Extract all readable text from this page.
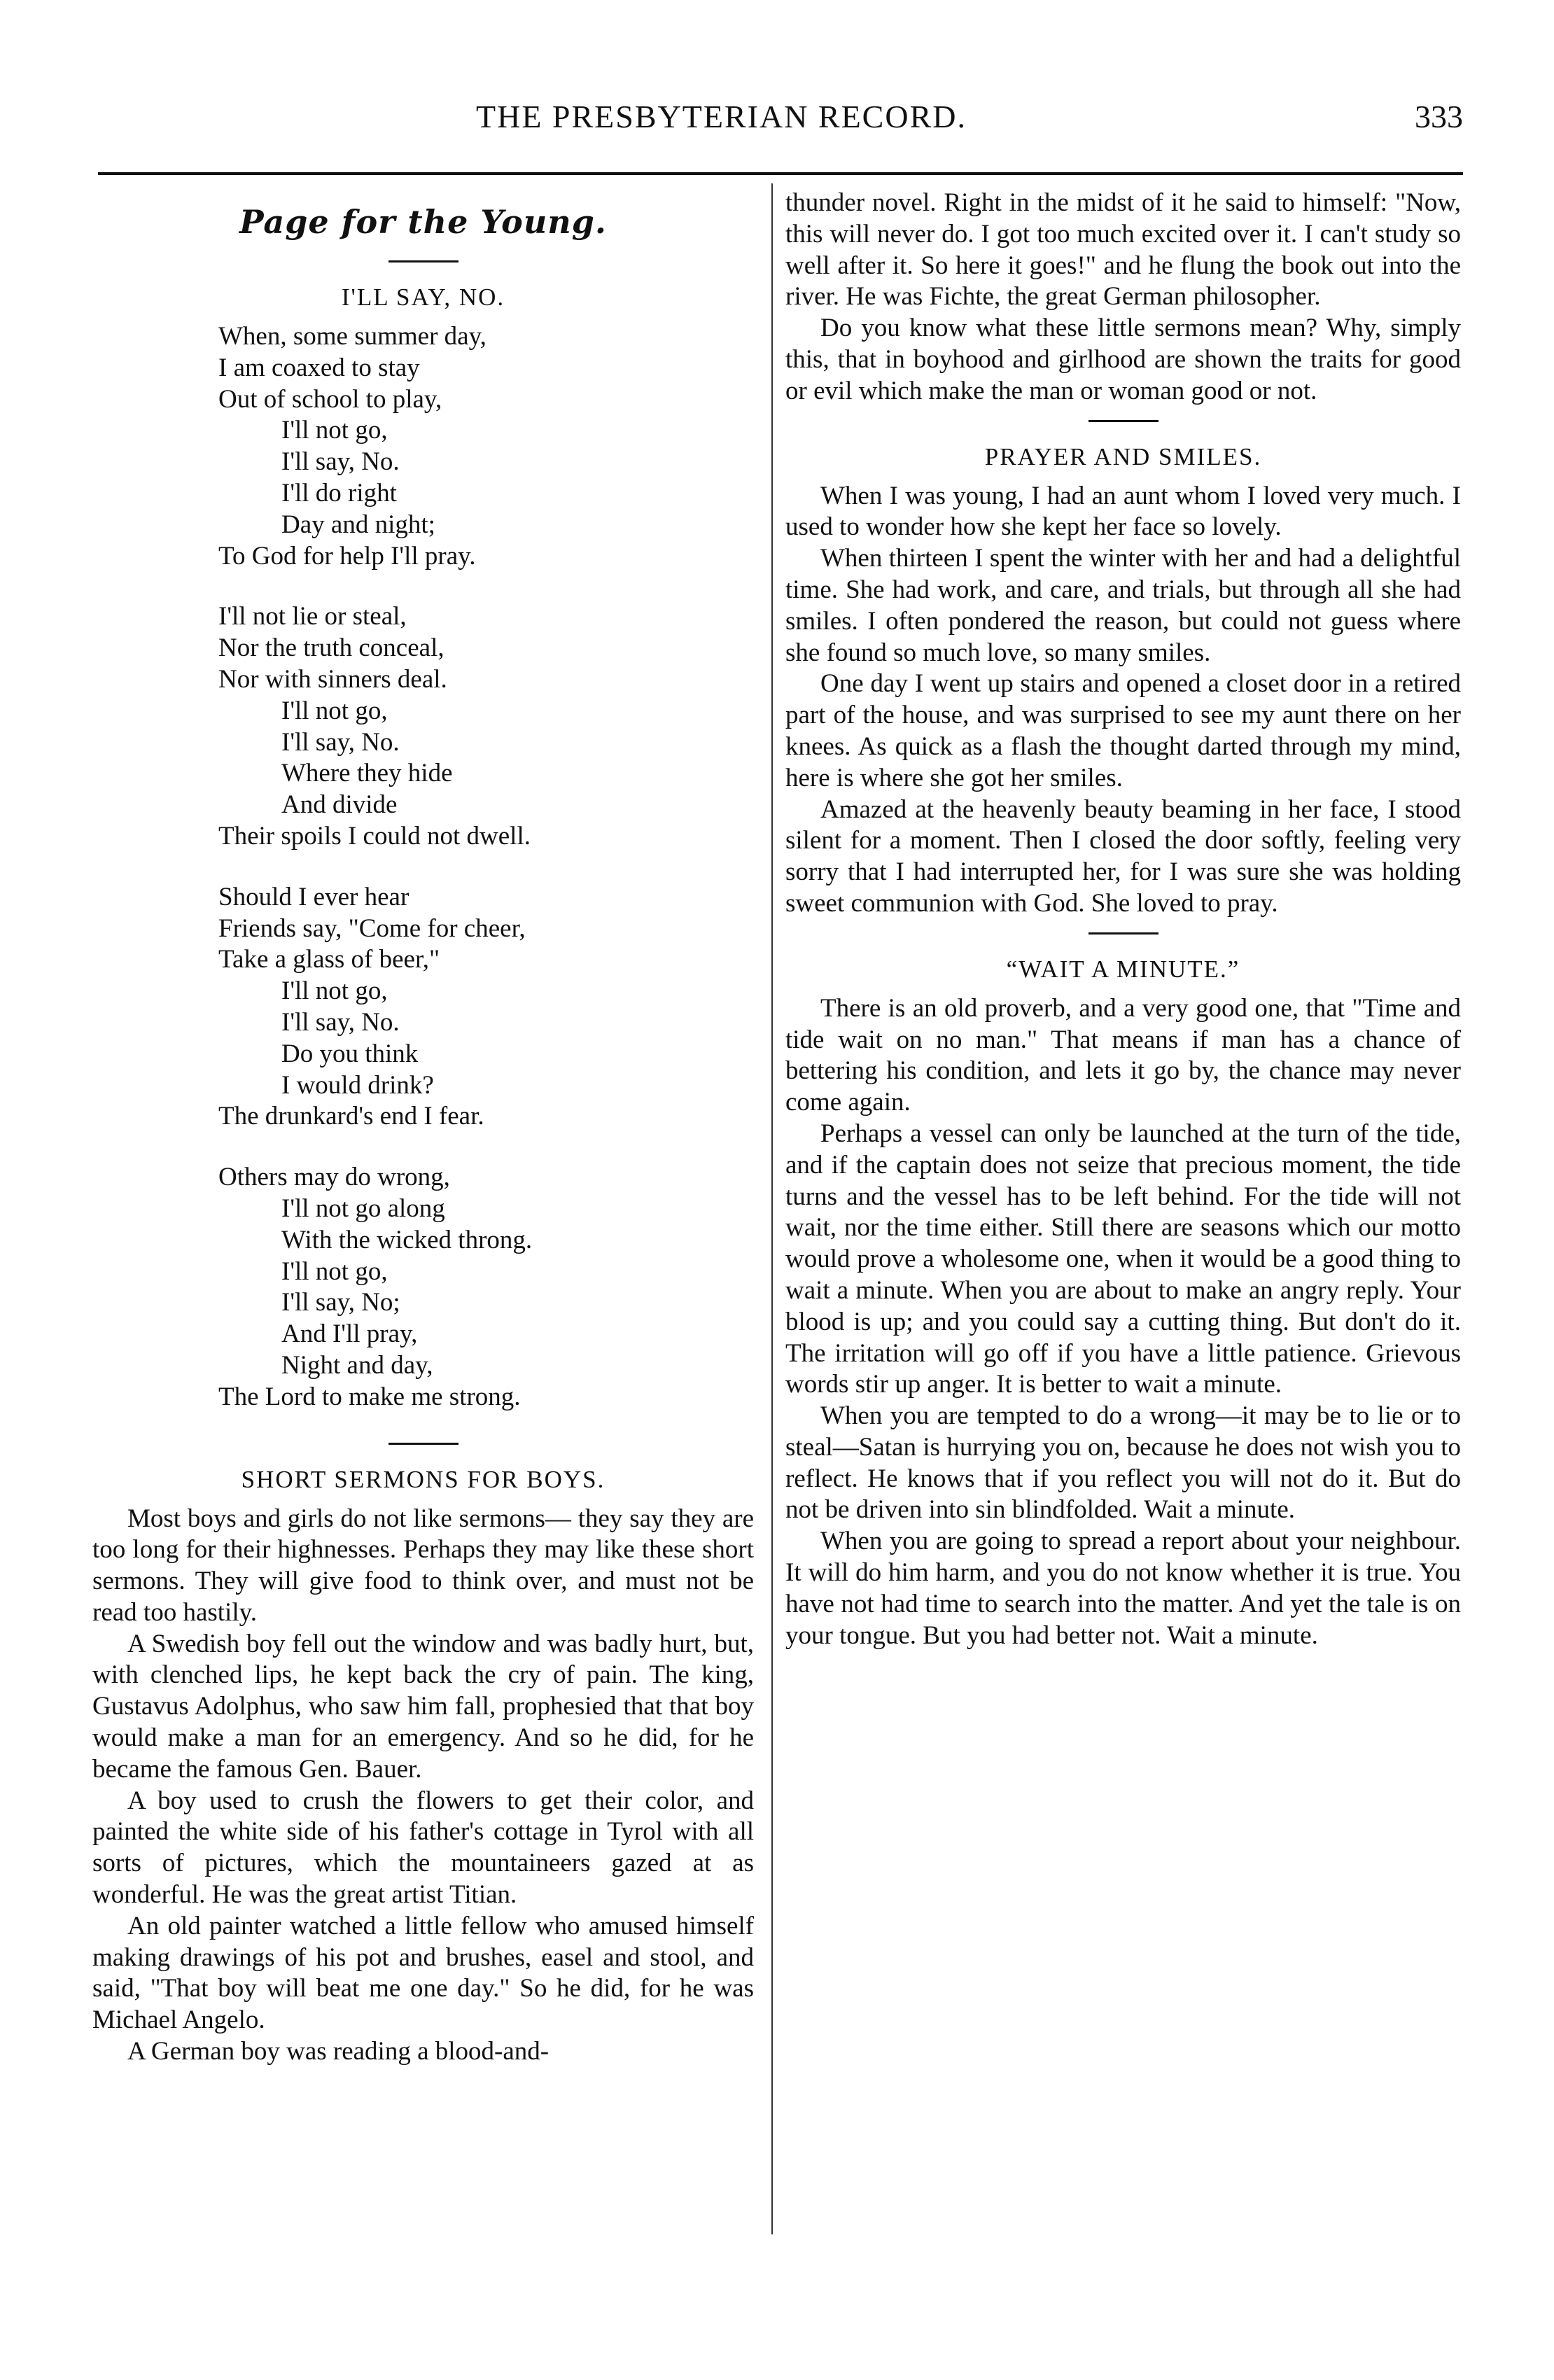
THE PRESBYTERIAN RECORD.	333
Page for the Young.
I'LL SAY, NO.
When, some summer day,
I am coaxed to stay
Out of school to play,
I'll not go,
I'll say, No.
I'll do right
Day and night;
To God for help I'll pray.
I'll not lie or steal,
Nor the truth conceal,
Nor with sinners deal.
I'll not go,
I'll say, No.
Where they hide
And divide
Their spoils I could not dwell.
Should I ever hear
Friends say, "Come for cheer,
Take a glass of beer,"
I'll not go,
I'll say, No.
Do you think
I would drink?
The drunkard's end I fear.
Others may do wrong,
I'll not go along
With the wicked throng.
I'll not go,
I'll say, No;
And I'll pray,
Night and day,
The Lord to make me strong.
SHORT SERMONS FOR BOYS.

Most boys and girls do not like sermons— they say they are too long for their highnesses. Perhaps they may like these short sermons. They will give food to think over, and must not be read too hastily.

A Swedish boy fell out the window and was badly hurt, but, with clenched lips, he kept back the cry of pain. The king, Gustavus Adolphus, who saw him fall, prophesied that that boy would make a man for an emergency. And so he did, for he became the famous Gen. Bauer.

A boy used to crush the flowers to get their color, and painted the white side of his father's cottage in Tyrol with all sorts of pictures, which the mountaineers gazed at as wonderful. He was the great artist Titian.

An old painter watched a little fellow who amused himself making drawings of his pot and brushes, easel and stool, and said, "That boy will beat me one day." So he did, for he was Michael Angelo.

A German boy was reading a blood-and-

thunder novel. Right in the midst of it he said to himself: "Now, this will never do. I got too much excited over it. I can't study so well after it. So here it goes!" and he flung the book out into the river. He was Fichte, the great German philosopher.

Do you know what these little sermons mean? Why, simply this, that in boyhood and girlhood are shown the traits for good or evil which make the man or woman good or not.

PRAYER AND SMILES.

When I was young, I had an aunt whom I loved very much. I used to wonder how she kept her face so lovely.

When thirteen I spent the winter with her and had a delightful time. She had work, and care, and trials, but through all she had smiles. I often pondered the reason, but could not guess where she found so much love, so many smiles.

One day I went up stairs and opened a closet door in a retired part of the house, and was surprised to see my aunt there on her knees. As quick as a flash the thought darted through my mind, here is where she got her smiles.

Amazed at the heavenly beauty beaming in her face, I stood silent for a moment. Then I closed the door softly, feeling very sorry that I had interrupted her, for I was sure she was holding sweet communion with God. She loved to pray.

“WAIT A MINUTE.”

There is an old proverb, and a very good one, that "Time and tide wait on no man." That means if man has a chance of bettering his condition, and lets it go by, the chance may never come again.

Perhaps a vessel can only be launched at the turn of the tide, and if the captain does not seize that precious moment, the tide turns and the vessel has to be left behind. For the tide will not wait, nor the time either. Still there are seasons which our motto would prove a wholesome one, when it would be a good thing to wait a minute. When you are about to make an angry reply. Your blood is up; and you could say a cutting thing. But don't do it. The irritation will go off if you have a little patience. Grievous words stir up anger. It is better to wait a minute.

When you are tempted to do a wrong—it may be to lie or to steal—Satan is hurrying you on, because he does not wish you to reflect. He knows that if you reflect you will not do it. But do not be driven into sin blindfolded. Wait a minute.

When you are going to spread a report about your neighbour. It will do him harm, and you do not know whether it is true. You have not had time to search into the matter. And yet the tale is on your tongue. But you had better not. Wait a minute.
